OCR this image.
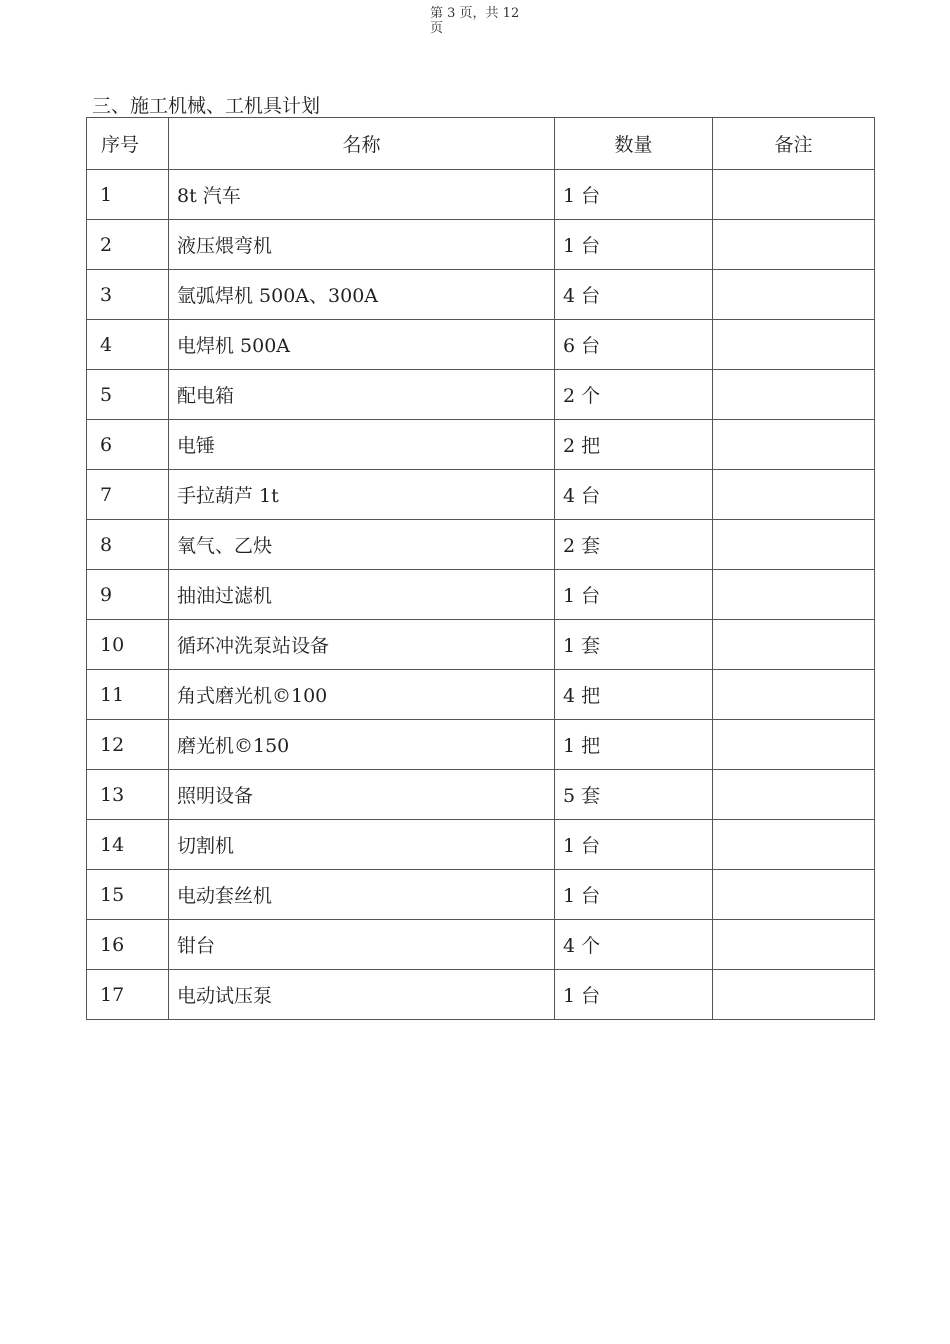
第 3 页，共 12
页
三、施工机械、工机具计划
序号	名称	数量	备注
1	8t 汽车	1 台	
2	液压煨弯机	1 台	
3	氩弧焊机 500A、300A	4 台	
4	电焊机 500A	6 台	
5	配电箱	2 个	
6	电锤	2 把	
7	手拉葫芦 1t	4 台	
8	氧气、乙炔	2 套	
9	抽油过滤机	1 台	
10	循环冲洗泵站设备	1 套	
11	角式磨光机©100	4 把	
12	磨光机©150	1 把	
13	照明设备	5 套	
14	切割机	1 台	
15	电动套丝机	1 台	
16	钳台	4 个	
17	电动试压泵	1 台	
